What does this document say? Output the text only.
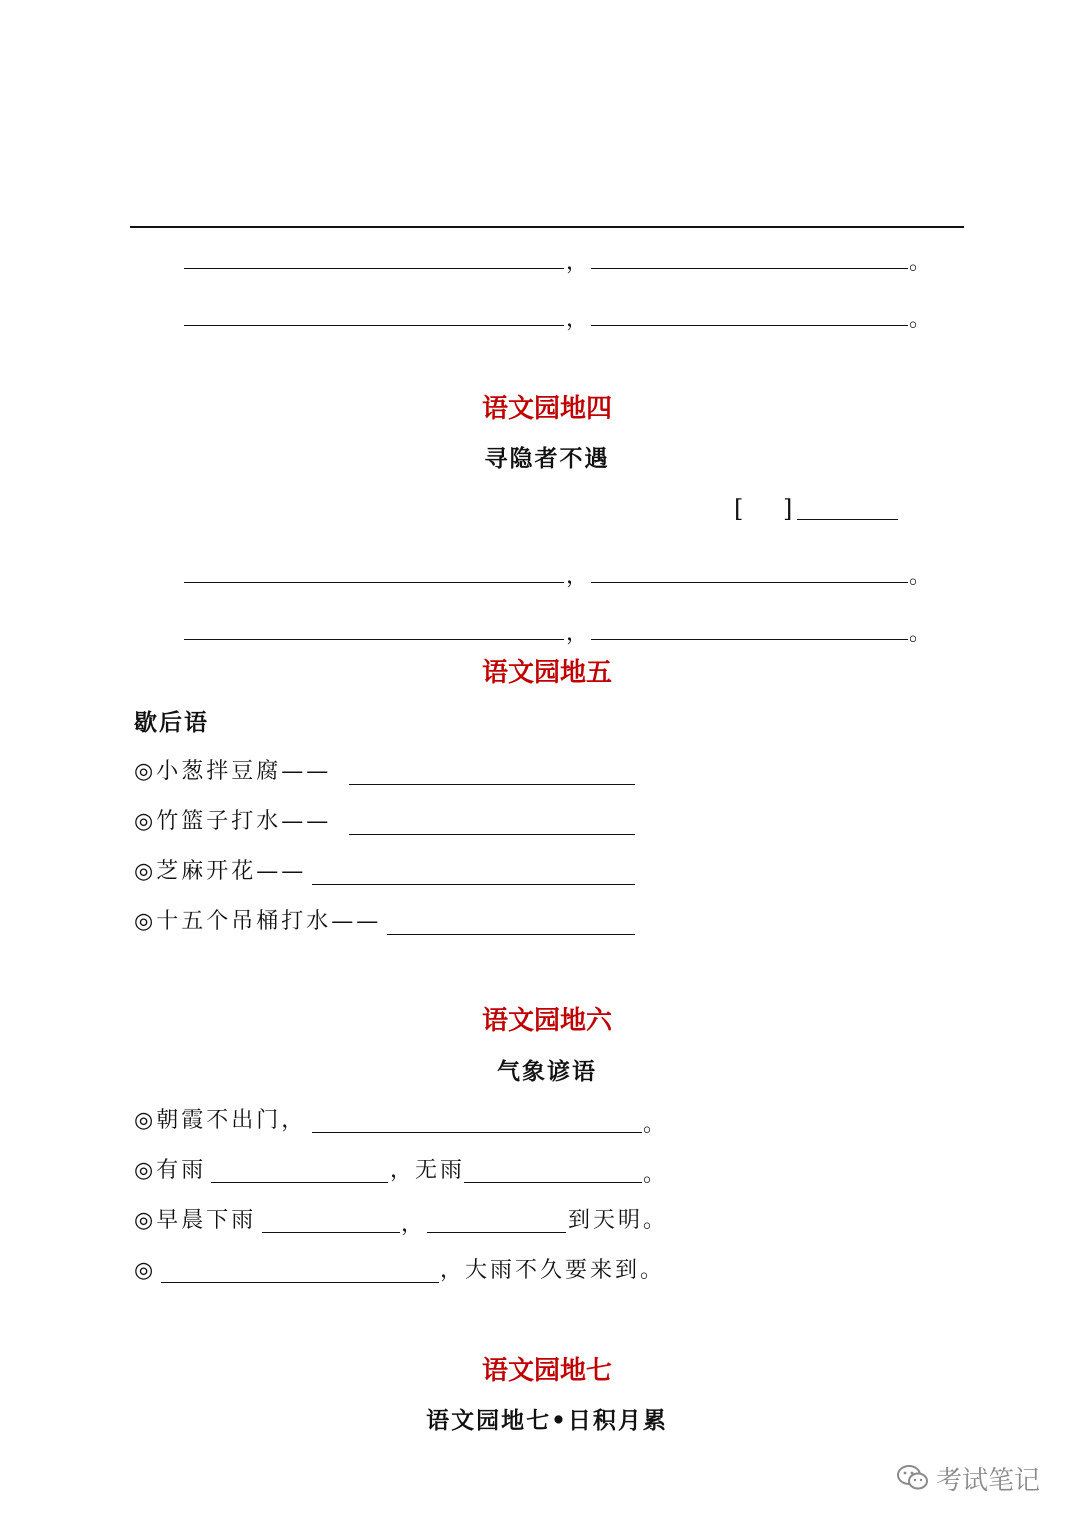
，	。
，	。
语文园地四
寻隐者不遇
[ ]
，	。
，	。
语文园地五
歇后语
◎小葱拌豆腐——
◎竹篮子打水——
◎芝麻开花——
◎十五个吊桶打水——
语文园地六
气象谚语
◎朝霞不出门，	。
◎有雨	，无雨	。
◎早晨下雨	，	到天明。
◎	，大雨不久要来到。
语文园地七
语文园地七•日积月累
考试笔记
